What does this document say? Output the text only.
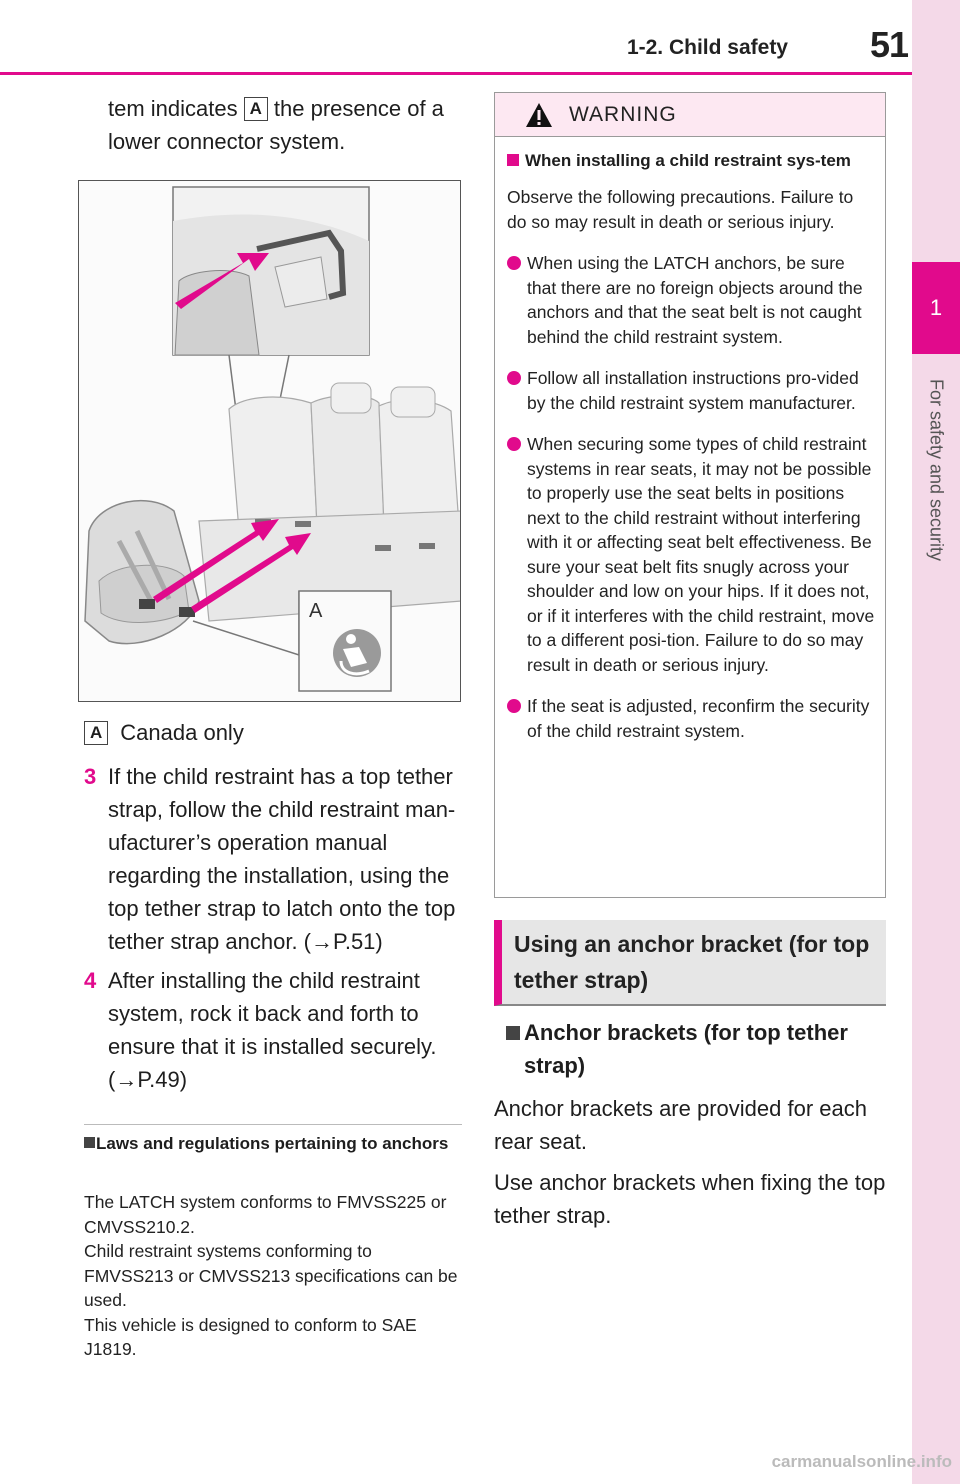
1-2. Child safety 51
1
For safety and security
tem indicates A the presence of a lower connector system.
A
A Canada only
3 If the child restraint has a top tether strap, follow the child restraint man-ufacturer’s operation manual regarding the installation, using the top tether strap to latch onto the top tether strap anchor. (→P.51)
4 After installing the child restraint system, rock it back and forth to ensure that it is installed securely. (→P.49)
Laws and regulations pertaining to anchors
The LATCH system conforms to FMVSS225 or CMVSS210.2.
Child restraint systems conforming to FMVSS213 or CMVSS213 specifications can be used.
This vehicle is designed to conform to SAE J1819.
WARNING
When installing a child restraint sys-tem
Observe the following precautions. Failure to do so may result in death or serious injury.
When using the LATCH anchors, be sure that there are no foreign objects around the anchors and that the seat belt is not caught behind the child restraint system.
Follow all installation instructions pro-vided by the child restraint system manufacturer.
When securing some types of child restraint systems in rear seats, it may not be possible to properly use the seat belts in positions next to the child restraint without interfering with it or affecting seat belt effectiveness. Be sure your seat belt fits snugly across your shoulder and low on your hips. If it does not, or if it interferes with the child restraint, move to a different posi-tion. Failure to do so may result in death or serious injury.
If the seat is adjusted, reconfirm the security of the child restraint system.
Using an anchor bracket (for top tether strap)
Anchor brackets (for top tether strap)
Anchor brackets are provided for each rear seat.
Use anchor brackets when fixing the top tether strap.
carmanualsonline.info
